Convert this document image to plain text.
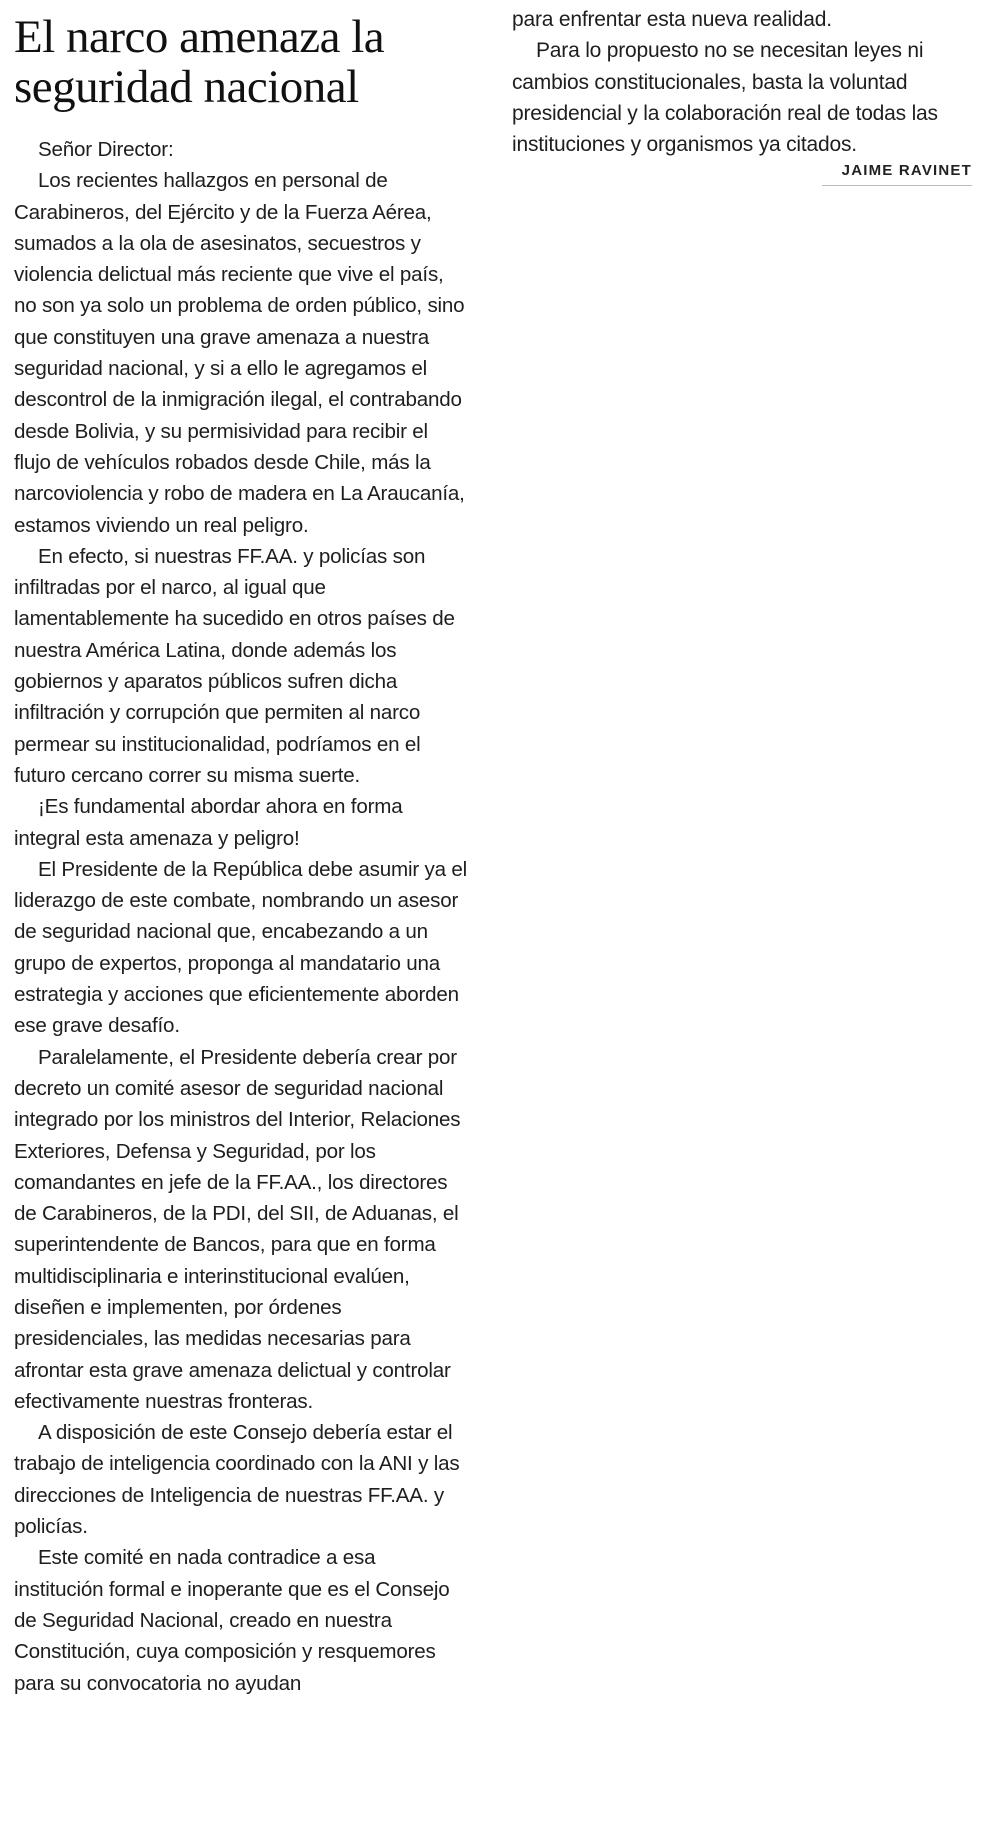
El narco amenaza la seguridad nacional

Señor Director:

Los recientes hallazgos en personal de Carabineros, del Ejército y de la Fuerza Aérea, sumados a la ola de asesinatos, secuestros y violencia delictual más reciente que vive el país, no son ya solo un problema de orden público, sino que constituyen una grave amenaza a nuestra seguridad nacional, y si a ello le agregamos el descontrol de la inmigración ilegal, el contrabando desde Bolivia, y su permisividad para recibir el flujo de vehículos robados desde Chile, más la narcoviolencia y robo de madera en La Araucanía, estamos viviendo un real peligro.

En efecto, si nuestras FF.AA. y policías son infiltradas por el narco, al igual que lamentablemente ha sucedido en otros países de nuestra América Latina, donde además los gobiernos y aparatos públicos sufren dicha infiltración y corrupción que permiten al narco permear su institucionalidad, podríamos en el futuro cercano correr su misma suerte.

¡Es fundamental abordar ahora en forma integral esta amenaza y peligro!

El Presidente de la República debe asumir ya el liderazgo de este combate, nombrando un asesor de seguridad nacional que, encabezando a un grupo de expertos, proponga al mandatario una estrategia y acciones que eficientemente aborden ese grave desafío.

Paralelamente, el Presidente debería crear por decreto un comité asesor de seguridad nacional integrado por los ministros del Interior, Relaciones Exteriores, Defensa y Seguridad, por los comandantes en jefe de la FF.AA., los directores de Carabineros, de la PDI, del SII, de Aduanas, el superintendente de Bancos, para que en forma multidisciplinaria e interinstitucional evalúen, diseñen e implementen, por órdenes presidenciales, las medidas necesarias para afrontar esta grave amenaza delictual y controlar efectivamente nuestras fronteras.

A disposición de este Consejo debería estar el trabajo de inteligencia coordinado con la ANI y las direcciones de Inteligencia de nuestras FF.AA. y policías.

Este comité en nada contradice a esa institución formal e inoperante que es el Consejo de Seguridad Nacional, creado en nuestra Constitución, cuya composición y resquemores para su convocatoria no ayudan

para enfrentar esta nueva realidad.

Para lo propuesto no se necesitan leyes ni cambios constitucionales, basta la voluntad presidencial y la colaboración real de todas las instituciones y organismos ya citados.

JAIME RAVINET
